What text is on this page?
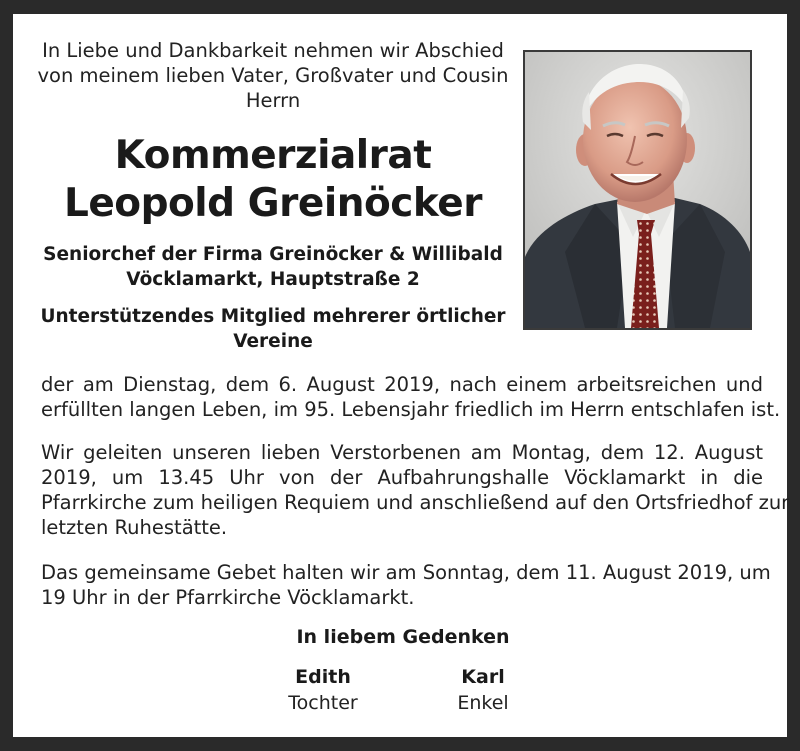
In Liebe und Dankbarkeit nehmen wir Abschied
von meinem lieben Vater, Großvater und Cousin
Herrn
Kommerzialrat
Leopold Greinöcker
Seniorchef der Firma Greinöcker & Willibald
Vöcklamarkt, Hauptstraße 2
Unterstützendes Mitglied mehrerer örtlicher
Vereine
der am Dienstag, dem 6. August 2019, nach einem arbeitsreichen und
erfüllten langen Leben, im 95. Lebensjahr friedlich im Herrn entschlafen ist.
Wir geleiten unseren lieben Verstorbenen am Montag, dem 12. August
2019, um 13.45 Uhr von der Aufbahrungshalle Vöcklamarkt in die
Pfarrkirche zum heiligen Requiem und anschließend auf den Ortsfriedhof zur
letzten Ruhestätte.
Das gemeinsame Gebet halten wir am Sonntag, dem 11. August 2019, um
19 Uhr in der Pfarrkirche Vöcklamarkt.
In liebem Gedenken
Edith
Tochter
Karl
Enkel
